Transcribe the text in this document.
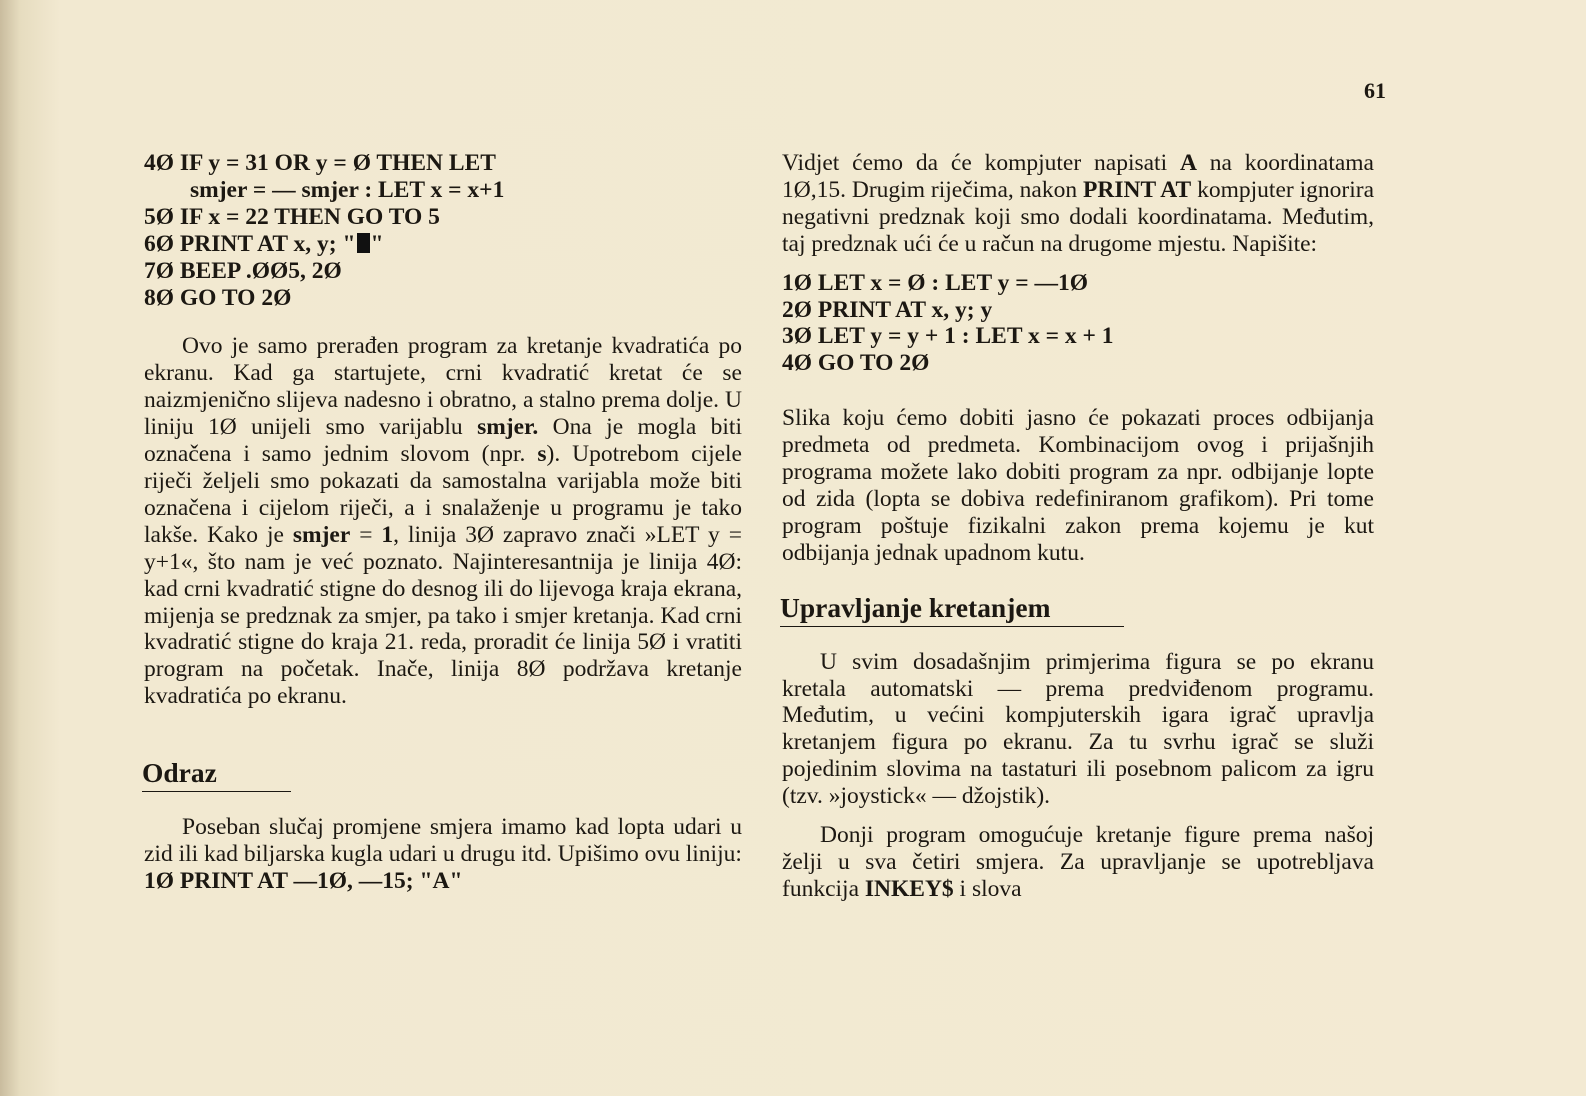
61
4Ø IF y = 31 OR y = Ø THEN LET
smjer = — smjer : LET x = x+1
5Ø IF x = 22 THEN GO TO 5
6Ø PRINT AT x, y; " "
7Ø BEEP .ØØ5, 2Ø
8Ø GO TO 2Ø

Ovo je samo prerađen program za kretanje kvadratića po ekranu. Kad ga startujete, crni kvadratić kretat će se naizmjenično slijeva nadesno i obratno, a stalno prema dolje. U liniju 1Ø unijeli smo varijablu smjer. Ona je mogla biti označena i samo jednim slovom (npr. s). Upotrebom cijele riječi željeli smo pokazati da samostalna varijabla može biti označena i cijelom riječi, a i snalaženje u programu je tako lakše. Kako je smjer = 1, linija 3Ø zapravo znači »LET y = y+1«, što nam je već poznato. Najinteresantnija je linija 4Ø: kad crni kvadratić stigne do desnog ili do lijevoga kraja ekrana, mijenja se predznak za smjer, pa tako i smjer kretanja. Kad crni kvadratić stigne do kraja 21. reda, proradit će linija 5Ø i vratiti program na početak. Inače, linija 8Ø podržava kretanje kvadratića po ekranu.

Odraz

Poseban slučaj promjene smjera imamo kad lopta udari u zid ili kad biljarska kugla udari u drugu itd. Upišimo ovu liniju:

1Ø PRINT AT —1Ø, —15; "A"

Vidjet ćemo da će kompjuter napisati A na koordinatama 1Ø,15. Drugim riječima, nakon PRINT AT kompjuter ignorira negativni predznak koji smo dodali koordinatama. Međutim, taj predznak ući će u račun na drugome mjestu. Napišite:

1Ø LET x = Ø : LET y = —1Ø
2Ø PRINT AT x, y; y
3Ø LET y = y + 1 : LET x = x + 1
4Ø GO TO 2Ø

Slika koju ćemo dobiti jasno će pokazati proces odbijanja predmeta od predmeta. Kombinacijom ovog i prijašnjih programa možete lako dobiti program za npr. odbijanje lopte od zida (lopta se dobiva redefiniranom grafikom). Pri tome program poštuje fizikalni zakon prema kojemu je kut odbijanja jednak upadnom kutu.

Upravljanje kretanjem

U svim dosadašnjim primjerima figura se po ekranu kretala automatski — prema predviđenom programu. Međutim, u većini kompjuterskih igara igrač upravlja kretanjem figura po ekranu. Za tu svrhu igrač se služi pojedinim slovima na tastaturi ili posebnom palicom za igru (tzv. »joystick« — džojstik).

Donji program omogućuje kretanje figure prema našoj želji u sva četiri smjera. Za upravljanje se upotrebljava funkcija INKEY$ i slova
